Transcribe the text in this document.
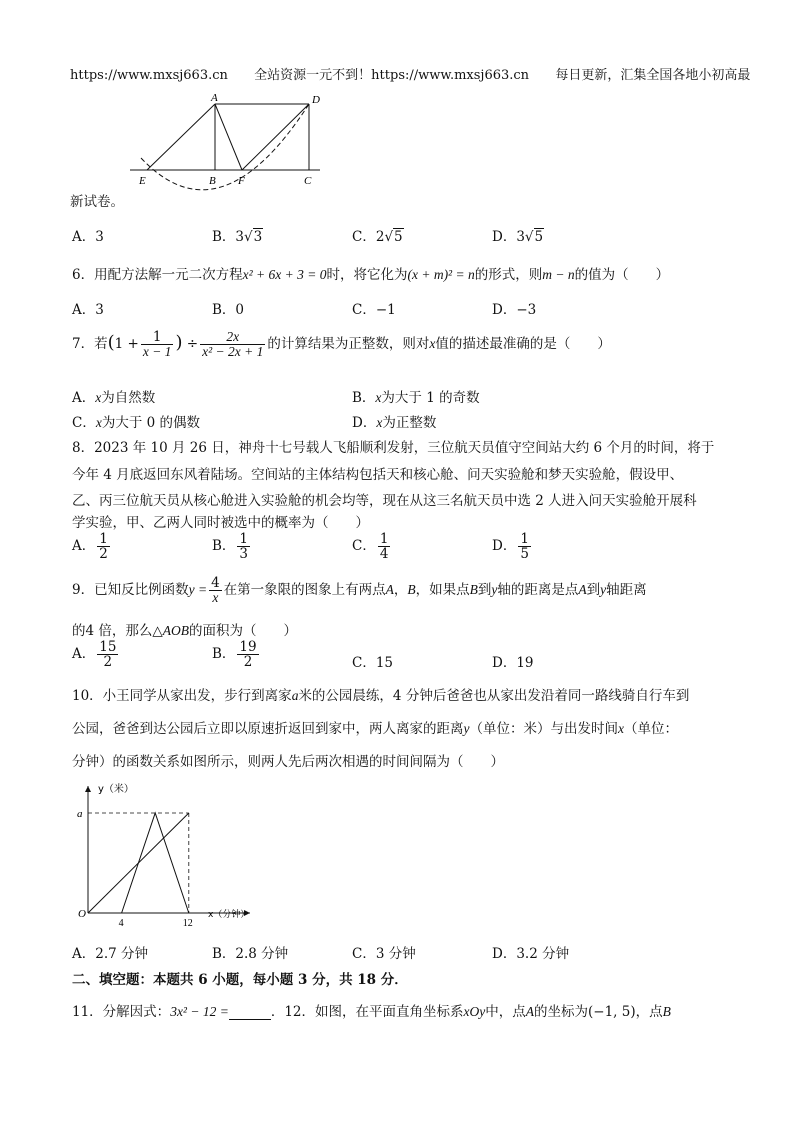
https://www.mxsj663.cn 全站资源一元不到！https://www.mxsj663.cn 每日更新，汇集全国各地小初高最
A	D
E	B F	C
新试卷。
A．3	B．3√3	C．2√5	D．3√5
6．用配方法解一元二次方程x² + 6x + 3 = 0时，将它化为(x + m)² = n的形式，则m − n的值为（　　）
A．3	B．0	C．−1	D．−3
7．若($1 + \frac{1}{x - 1}$ ) ÷ $\frac{2x}{\text{x² − 2x + 1}}$ 的计算结果为正整数，则对x值的描述最准确的是（　　）
A．x为自然数	B．x为大于 1 的奇数
C．x为大于 0 的偶数	D．x为正整数
8．2023 年 10 月 26 日，神舟十七号载人飞船顺利发射，三位航天员值守空间站大约 6 个月的时间，将于
今年 4 月底返回东风着陆场。空间站的主体结构包括天和核心舱、问天实验舱和梦天实验舱，假设甲、
乙、丙三位航天员从核心舱进入实验舱的机会均等，现在从这三名航天员中选 2 人进入问天实验舱开展科
学实验，甲、乙两人同时被选中的概率为（　　）
A． $\frac{1}{2}$	B． $\frac{1}{3}$	C． $\frac{1}{4}$	D． $\frac{1}{5}$
9．已知反比例函数$y = \frac{4}{x}$ 在第一象限的图象上有两点A，B，如果点B到y轴的距离是点A到y轴距离
的4 倍，那么△AOB的面积为（　　）
A． $\frac{15}{2}$	B． $\frac{19}{2}$	C．15	D．19
10．小王同学从家出发，步行到离家a米的公园晨练，4 分钟后爸爸也从家出发沿着同一路线骑自行车到
公园，爸爸到达公园后立即以原速折返回到家中，两人离家的距离y（单位：米）与出发时间x（单位：
分钟）的函数关系如图所示，则两人先后两次相遇的时间间隔为（　　）
O
4	12
a
y（米）
x（分钟）
A．2.7 分钟	B．2.8 分钟	C．3 分钟	D．3.2 分钟
二、填空题：本题共 6 小题，每小题 3 分，共 18 分．
11．分解因式：3x² − 12 =	．12．如图，在平面直角坐标系xOy中，点A的坐标为(−1, 5)，点B
